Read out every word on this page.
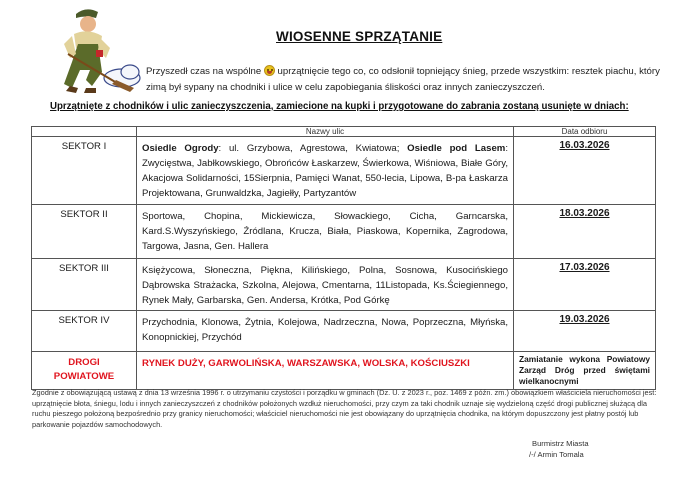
WIOSENNE SPRZĄTANIE
Przyszedł czas na wspólne uprzątnięcie tego co, co odsłonił topniejący śnieg, przede wszystkim: resztek piachu, który zimą był sypany na chodniki i ulice w celu zapobiegania śliskości oraz innych zanieczyszczeń.
Uprzątnięte z chodników i ulic zanieczyszczenia, zamiecione na kupki i przygotowane do zabrania zostaną usunięte w dniach:
	Nazwy ulic	Data odbioru
SEKTOR I	Osiedle Ogrody: ul. Grzybowa, Agrestowa, Kwiatowa; Osiedle pod Lasem: Zwycięstwa, Jabłkowskiego, Obrońców Łaskarzew, Świerkowa, Wiśniowa, Białe Góry, Akacjowa Solidarności, 15Sierpnia, Pamięci Wanat, 550-lecia, Lipowa, B-pa Łaskarza Projektowana, Grunwaldzka, Jagiełły, Partyzantów	16.03.2026
SEKTOR II	Sportowa, Chopina, Mickiewicza, Słowackiego, Cicha, Garncarska, Kard.S.Wyszyńskiego, Źródlana, Krucza, Biała, Piaskowa, Kopernika, Zagrodowa, Targowa, Jasna, Gen. Hallera	18.03.2026
SEKTOR III	Księżycowa, Słoneczna, Piękna, Kilińskiego, Polna, Sosnowa, Kusocińskiego Dąbrowska Strażacka, Szkolna, Alejowa, Cmentarna, 11Listopada, Ks.Ściegiennego, Rynek Mały, Garbarska, Gen. Andersa, Krótka, Pod Górkę	17.03.2026
SEKTOR IV	Przychodnia, Klonowa, Żytnia, Kolejowa, Nadrzeczna, Nowa, Poprzeczna, Młyńska, Konopnickiej, Przychód	19.03.2026
DROGI POWIATOWE	RYNEK DUŻY, GARWOLIŃSKA, WARSZAWSKA, WOLSKA, KOŚCIUSZKI	Zamiatanie wykona Powiatowy Zarząd Dróg przed świętami wielkanocnymi
Zgodnie z obowiązującą ustawą z dnia 13 września 1996 r. o utrzymaniu czystości i porządku w gminach (Dz. U. z 2023 r., poz. 1469 z późn. zm.) obowiązkiem właściciela nieruchomości jest: uprzątnięcie błota, śniegu, lodu i innych zanieczyszczeń z chodników położonych wzdłuż nieruchomości, przy czym za taki chodnik uznaje się wydzieloną część drogi publicznej służącą dla ruchu pieszego położoną bezpośrednio przy granicy nieruchomości; właściciel nieruchomości nie jest obowiązany do uprzątnięcia chodnika, na którym dopuszczony jest płatny postój lub parkowanie pojazdów samochodowych.
Burmistrz Miasta
/-/ Armin Tomala
